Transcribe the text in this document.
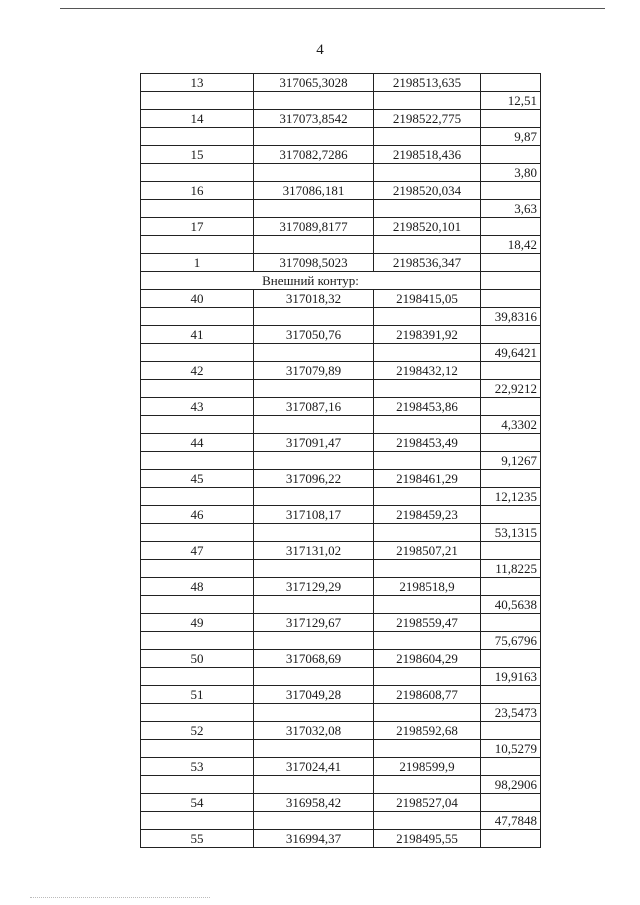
4
13	317065,3028	2198513,635	
			12,51
14	317073,8542	2198522,775	
			9,87
15	317082,7286	2198518,436	
			3,80
16	317086,181	2198520,034	
			3,63
17	317089,8177	2198520,101	
			18,42
1	317098,5023	2198536,347	
Внешний контур:			
40	317018,32	2198415,05	
			39,8316
41	317050,76	2198391,92	
			49,6421
42	317079,89	2198432,12	
			22,9212
43	317087,16	2198453,86	
			4,3302
44	317091,47	2198453,49	
			9,1267
45	317096,22	2198461,29	
			12,1235
46	317108,17	2198459,23	
			53,1315
47	317131,02	2198507,21	
			11,8225
48	317129,29	2198518,9	
			40,5638
49	317129,67	2198559,47	
			75,6796
50	317068,69	2198604,29	
			19,9163
51	317049,28	2198608,77	
			23,5473
52	317032,08	2198592,68	
			10,5279
53	317024,41	2198599,9	
			98,2906
54	316958,42	2198527,04	
			47,7848
55	316994,37	2198495,55	
